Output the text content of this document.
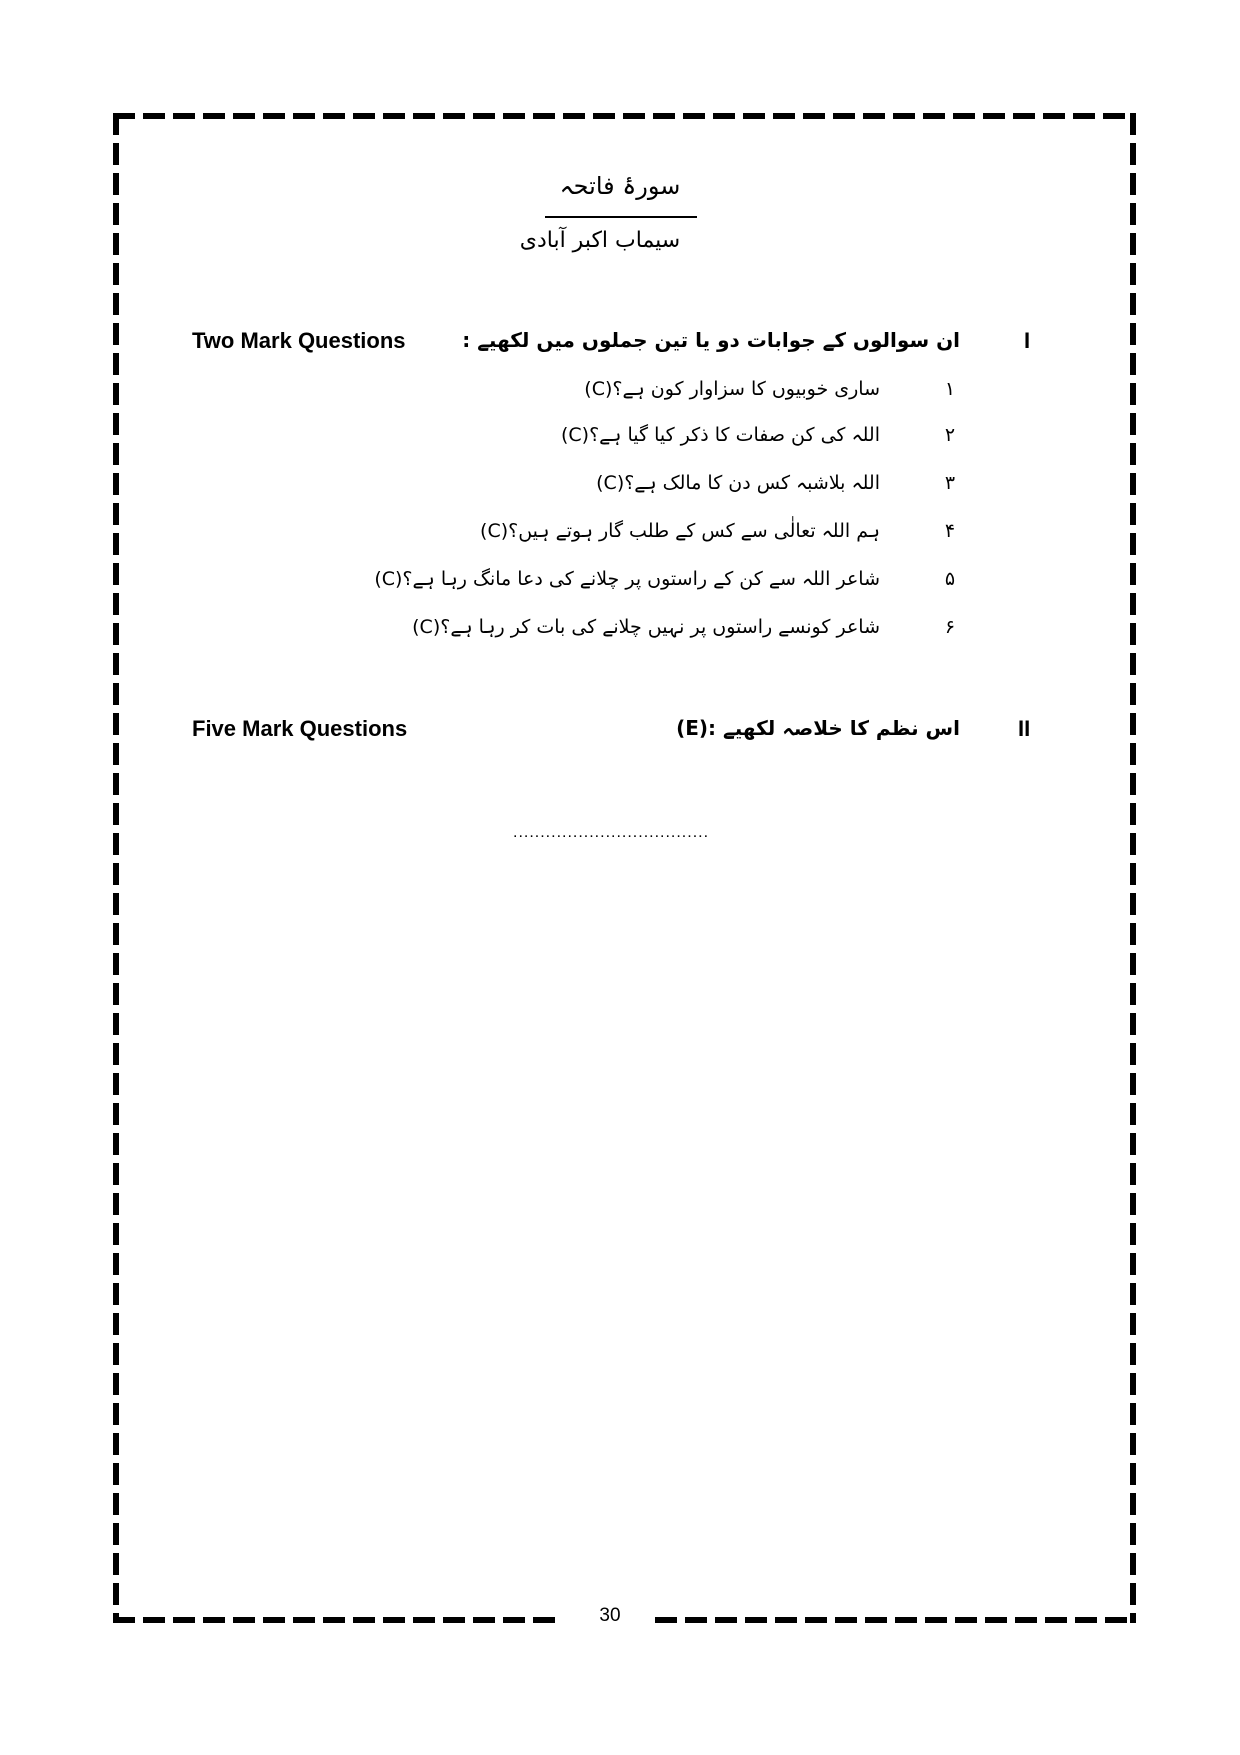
سورۂ فاتحہ
سیماب اکبر آبادی
Two Mark Questions	ان سوالوں کے جوابات دو یا تین جملوں میں لکھیے :	I
۱
ساری خوبیوں کا سزاوار کون ہے؟(C)
۲
اللہ کی کن صفات کا ذکر کیا گیا ہے؟(C)
۳
اللہ بلاشبہ کس دن کا مالک ہے؟(C)
۴
ہم اللہ تعالٰی سے کس کے طلب گار ہوتے ہیں؟(C)
۵
شاعر اللہ سے کن کے راستوں پر چلانے کی دعا مانگ رہا ہے؟(C)
۶
شاعر کونسے راستوں پر نہیں چلانے کی بات کر رہا ہے؟(C)
Five Mark Questions	اس نظم کا خلاصہ لکھیے :(E)	II
....................................
30
